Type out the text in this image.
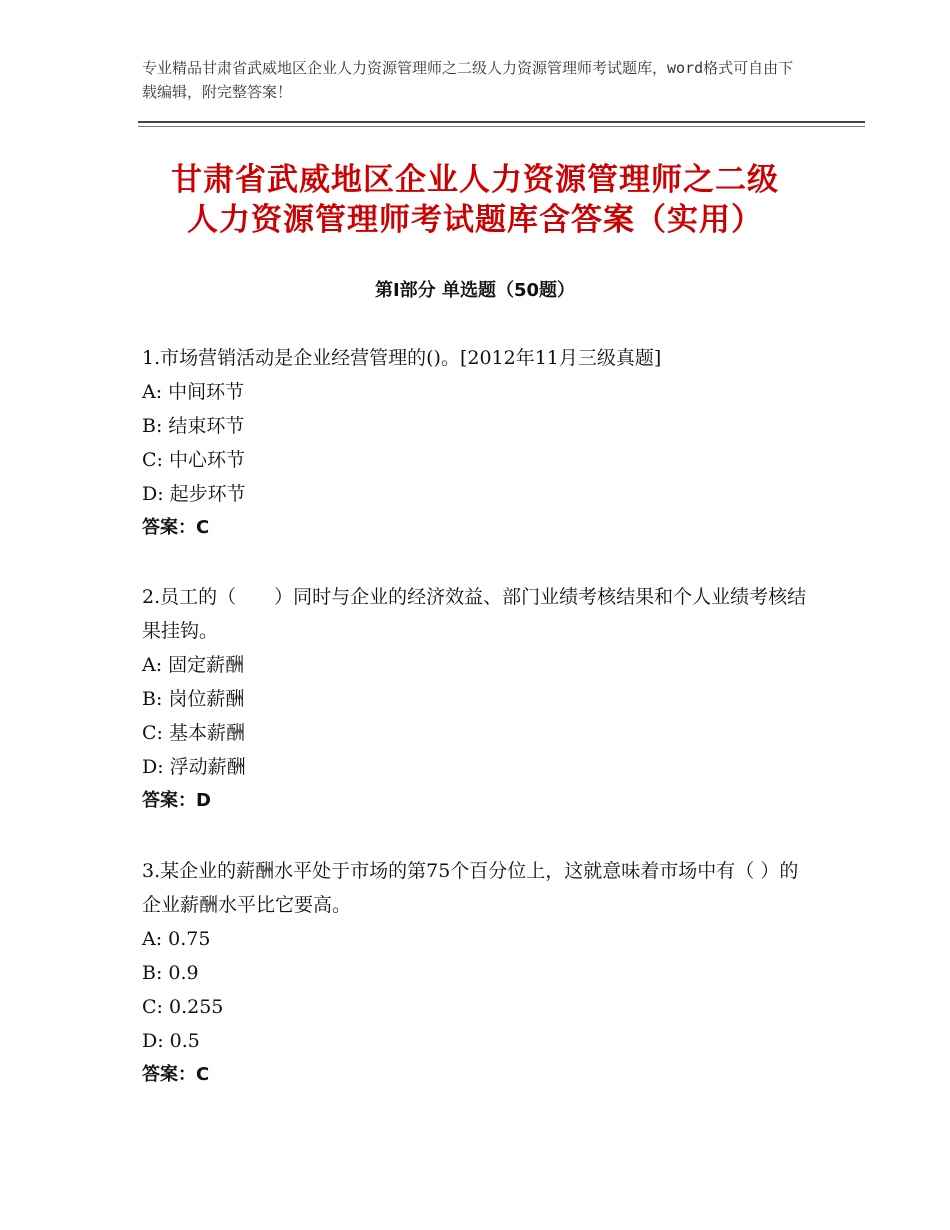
专业精品甘肃省武威地区企业人力资源管理师之二级人力资源管理师考试题库，word格式可自由下载编辑，附完整答案！
甘肃省武威地区企业人力资源管理师之二级
人力资源管理师考试题库含答案（实用）
第Ⅰ部分 单选题（50题）

1.市场营销活动是企业经营管理的()。[2012年11月三级真题]

A: 中间环节

B: 结束环节

C: 中心环节

D: 起步环节

答案：C

2.员工的（　　）同时与企业的经济效益、部门业绩考核结果和个人业绩考核结果挂钩。

A: 固定薪酬

B: 岗位薪酬

C: 基本薪酬

D: 浮动薪酬

答案：D

3.某企业的薪酬水平处于市场的第75个百分位上，这就意味着市场中有（ ）的企业薪酬水平比它要高。

A: 0.75

B: 0.9

C: 0.255

D: 0.5

答案：C
